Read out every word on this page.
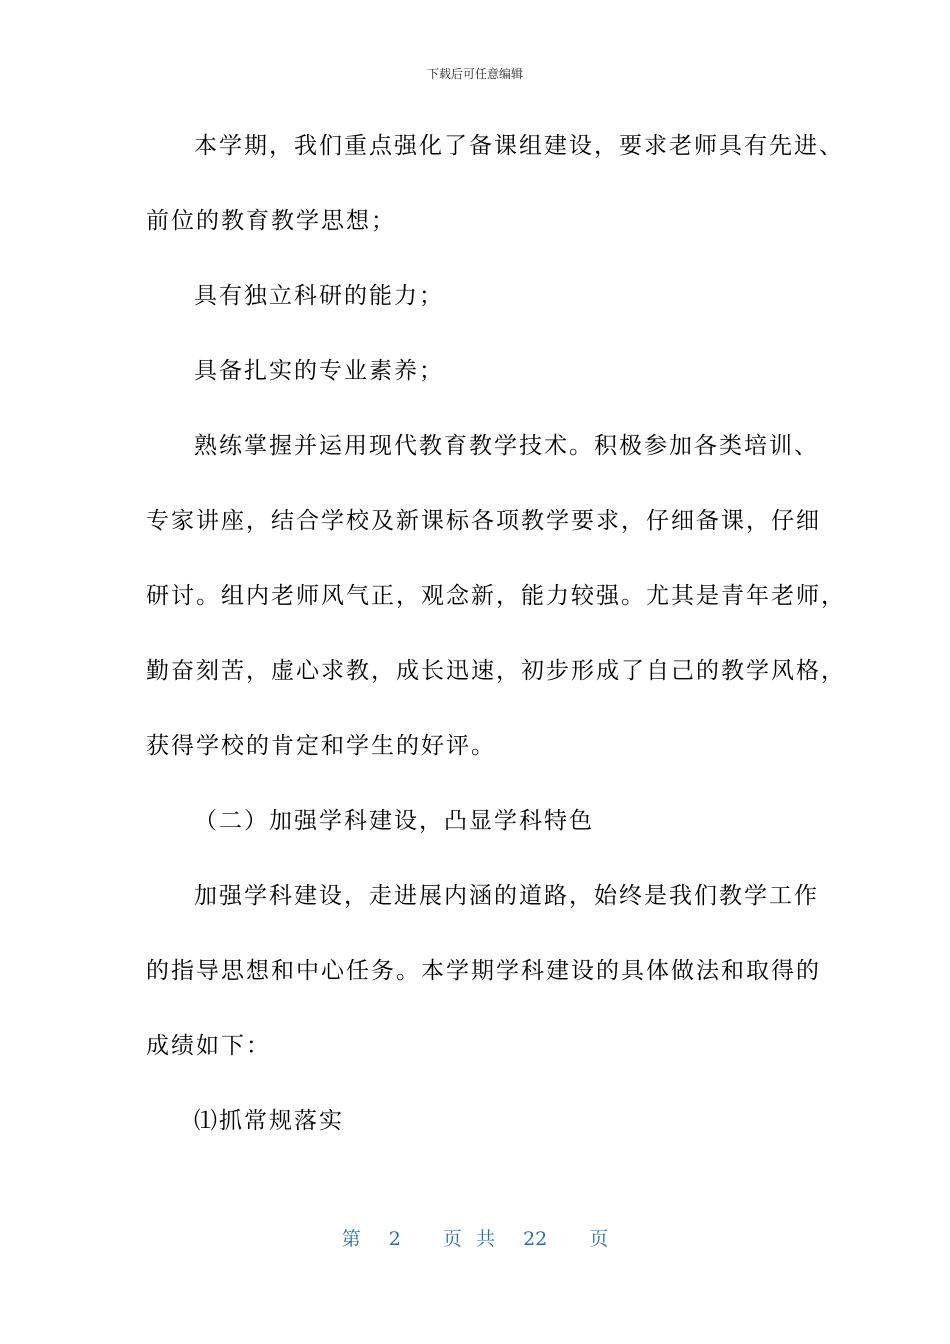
下载后可任意编辑
本学期，我们重点强化了备课组建设，要求老师具有先进、
前位的教育教学思想；
具有独立科研的能力；
具备扎实的专业素养；
熟练掌握并运用现代教育教学技术。积极参加各类培训、
专家讲座，结合学校及新课标各项教学要求，仔细备课，仔细
研讨。组内老师风气正，观念新，能力较强。尤其是青年老师，
勤奋刻苦，虚心求教，成长迅速，初步形成了自己的教学风格，
获得学校的肯定和学生的好评。
（二）加强学科建设，凸显学科特色
加强学科建设，走进展内涵的道路，始终是我们教学工作
的指导思想和中心任务。本学期学科建设的具体做法和取得的
成绩如下：
⑴抓常规落实
第 2 页 共 22 页
